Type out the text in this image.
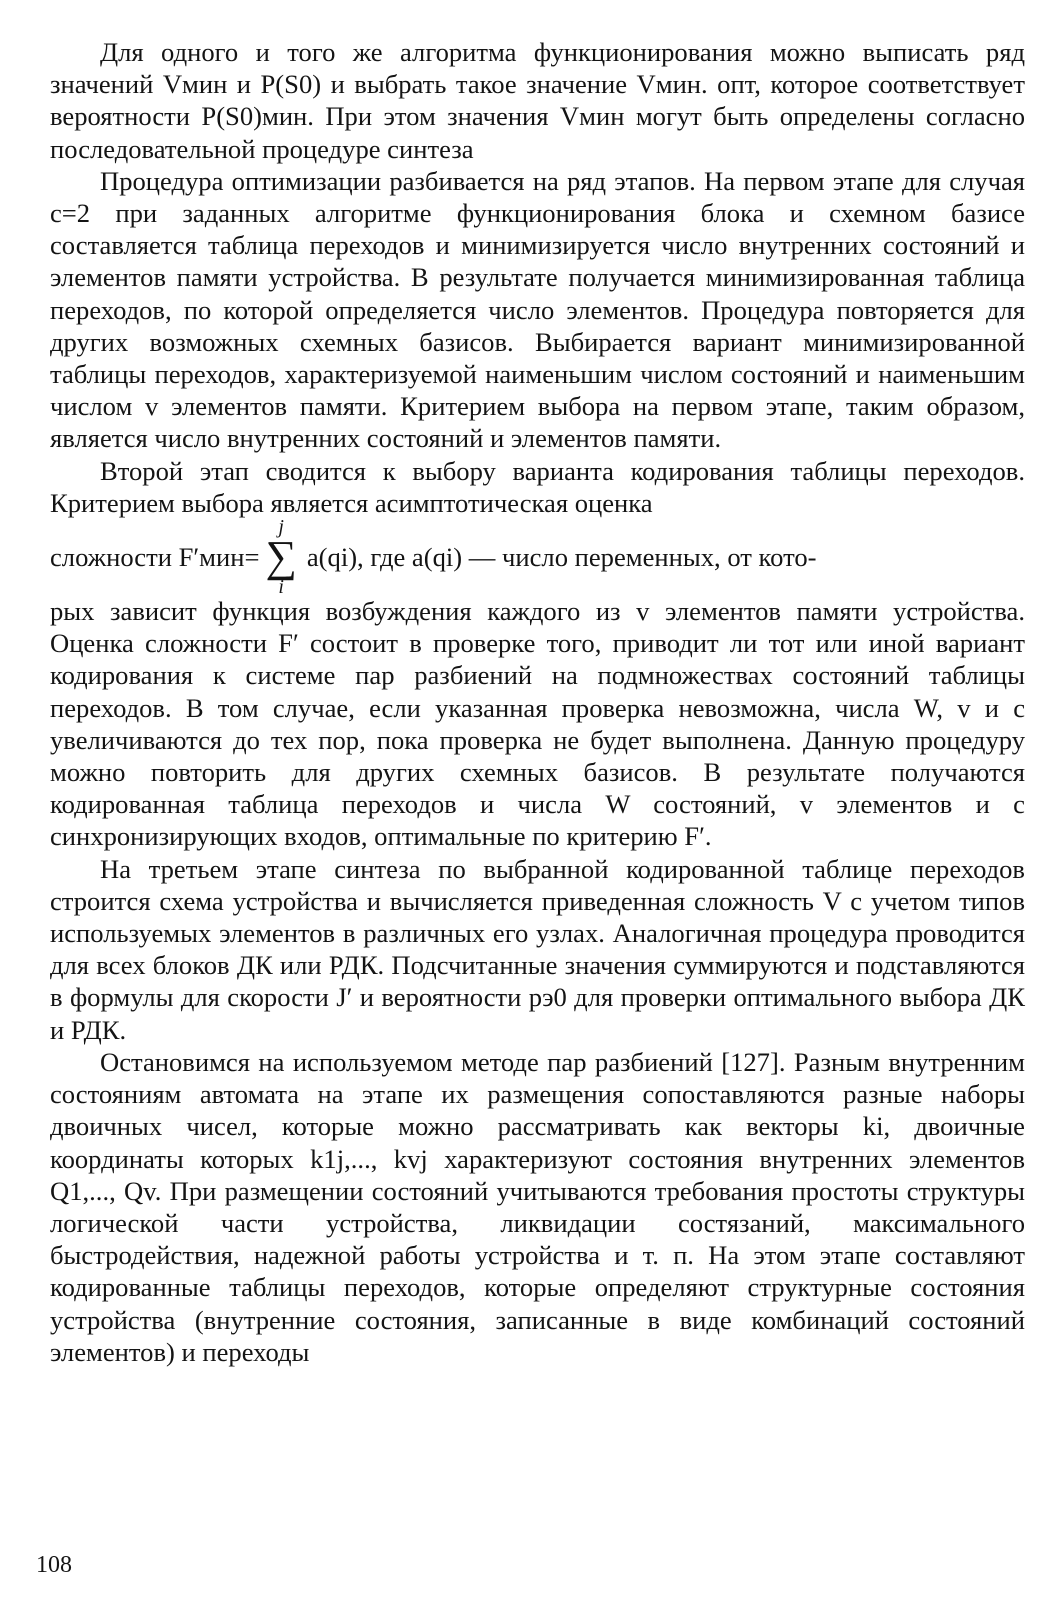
Для одного и того же алгоритма функционирования можно выписать ряд значений Vмин и P(S0) и выбрать такое значение Vмин. опт, которое соответствует вероятности P(S0)мин. При этом значения Vмин могут быть определены согласно последовательной процедуре синтеза

Процедура оптимизации разбивается на ряд этапов. На первом этапе для случая c=2 при заданных алгоритме функционирования блока и схемном базисе составляется таблица переходов и минимизируется число внутренних состояний и элементов памяти устройства. В результате получается минимизированная таблица переходов, по которой определяется число элементов. Процедура повторяется для других возможных схемных базисов. Выбирается вариант минимизированной таблицы переходов, характеризуемой наименьшим числом состояний и наименьшим числом v элементов памяти. Критерием выбора на первом этапе, таким образом, является число внутренних состояний и элементов памяти.

Второй этап сводится к выбору варианта кодирования таблицы переходов. Критерием выбора является асимптотическая оценка

сложности F′мин=
j
∑
i
a(qi), где a(qi) — число переменных, от кото-

рых зависит функция возбуждения каждого из v элементов памяти устройства. Оценка сложности F′ состоит в проверке того, приводит ли тот или иной вариант кодирования к системе пар разбиений на подмножествах состояний таблицы переходов. В том случае, если указанная проверка невозможна, числа W, v и c увеличиваются до тех пор, пока проверка не будет выполнена. Данную процедуру можно повторить для других схемных базисов. В результате получаются кодированная таблица переходов и числа W состояний, v элементов и c синхронизирующих входов, оптимальные по критерию F′.

На третьем этапе синтеза по выбранной кодированной таблице переходов строится схема устройства и вычисляется приведенная сложность V с учетом типов используемых элементов в различных его узлах. Аналогичная процедура проводится для всех блоков ДК или РДК. Подсчитанные значения суммируются и подставляются в формулы для скорости J′ и вероятности pэ0 для проверки оптимального выбора ДК и РДК.

Остановимся на используемом методе пар разбиений [127]. Разным внутренним состояниям автомата на этапе их размещения сопоставляются разные наборы двоичных чисел, которые можно рассматривать как векторы ki, двоичные координаты которых k1j,..., kvj характеризуют состояния внутренних элементов Q1,..., Qv. При размещении состояний учитываются требования простоты структуры логической части устройства, ликвидации состязаний, максимального быстродействия, надежной работы устройства и т. п. На этом этапе составляют кодированные таблицы переходов, которые определяют структурные состояния устройства (внутренние состояния, записанные в виде комбинаций состояний элементов) и переходы

108
